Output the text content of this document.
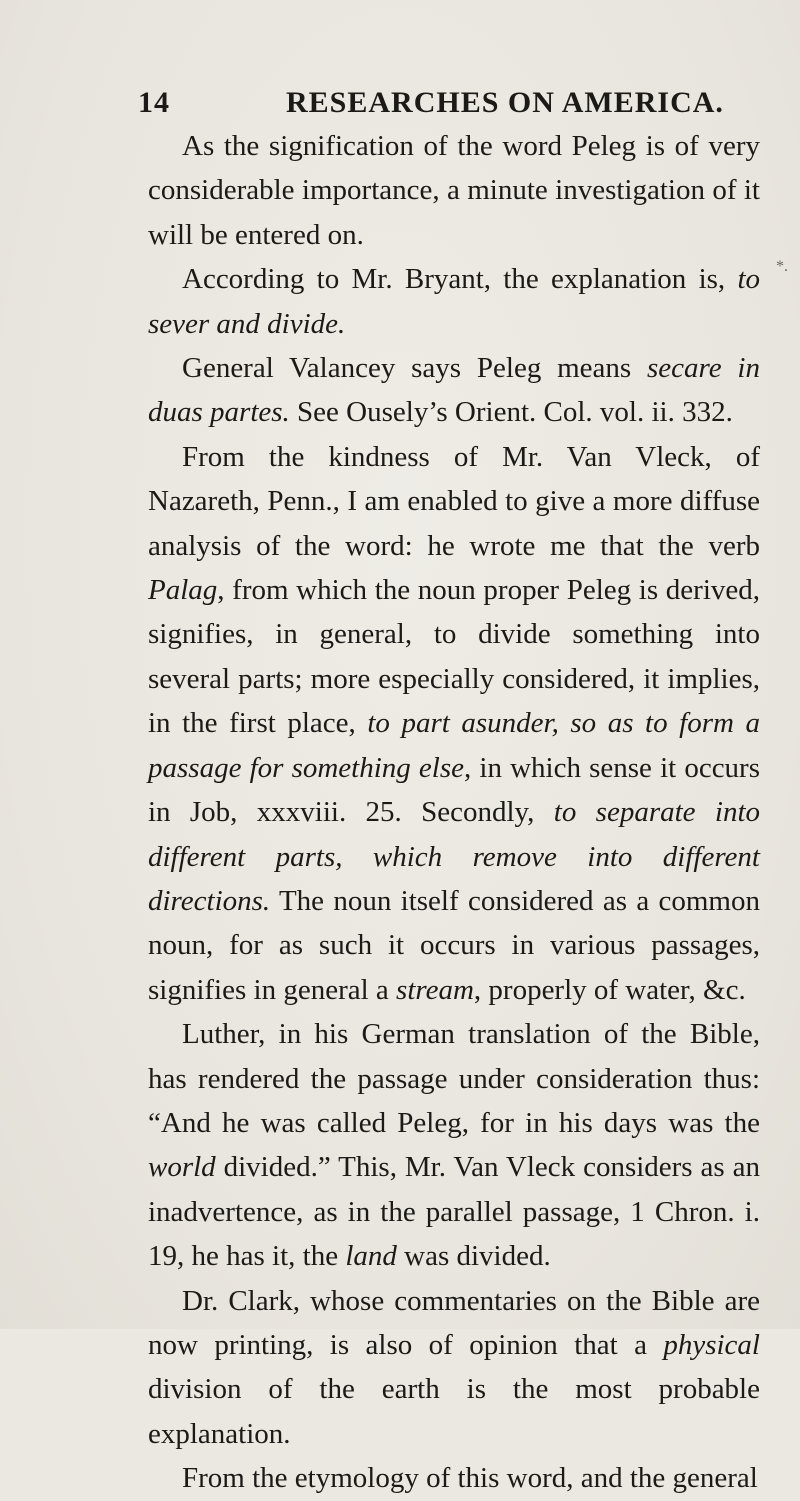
14	RESEARCHES ON AMERICA.
*.

As the signification of the word Peleg is of very considerable importance, a minute investigation of it will be entered on.

According to Mr. Bryant, the explanation is, to sever and divide.

General Valancey says Peleg means secare in duas partes. See Ousely’s Orient. Col. vol. ii. 332.

From the kindness of Mr. Van Vleck, of Nazareth, Penn., I am enabled to give a more diffuse analysis of the word: he wrote me that the verb Palag, from which the noun proper Peleg is derived, signifies, in general, to divide something into several parts; more especially considered, it implies, in the first place, to part asunder, so as to form a passage for something else, in which sense it occurs in Job, xxxviii. 25. Secondly, to separate into different parts, which remove into different directions. The noun itself considered as a common noun, for as such it occurs in various passages, signifies in general a stream, properly of water, &c.

Luther, in his German translation of the Bible, has rendered the passage under consideration thus: “And he was called Peleg, for in his days was the world divided.” This, Mr. Van Vleck considers as an inadvertence, as in the parallel passage, 1 Chron. i. 19, he has it, the land was divided.

Dr. Clark, whose commentaries on the Bible are now printing, is also of opinion that a physical division of the earth is the most probable explanation.

From the etymology of this word, and the general
